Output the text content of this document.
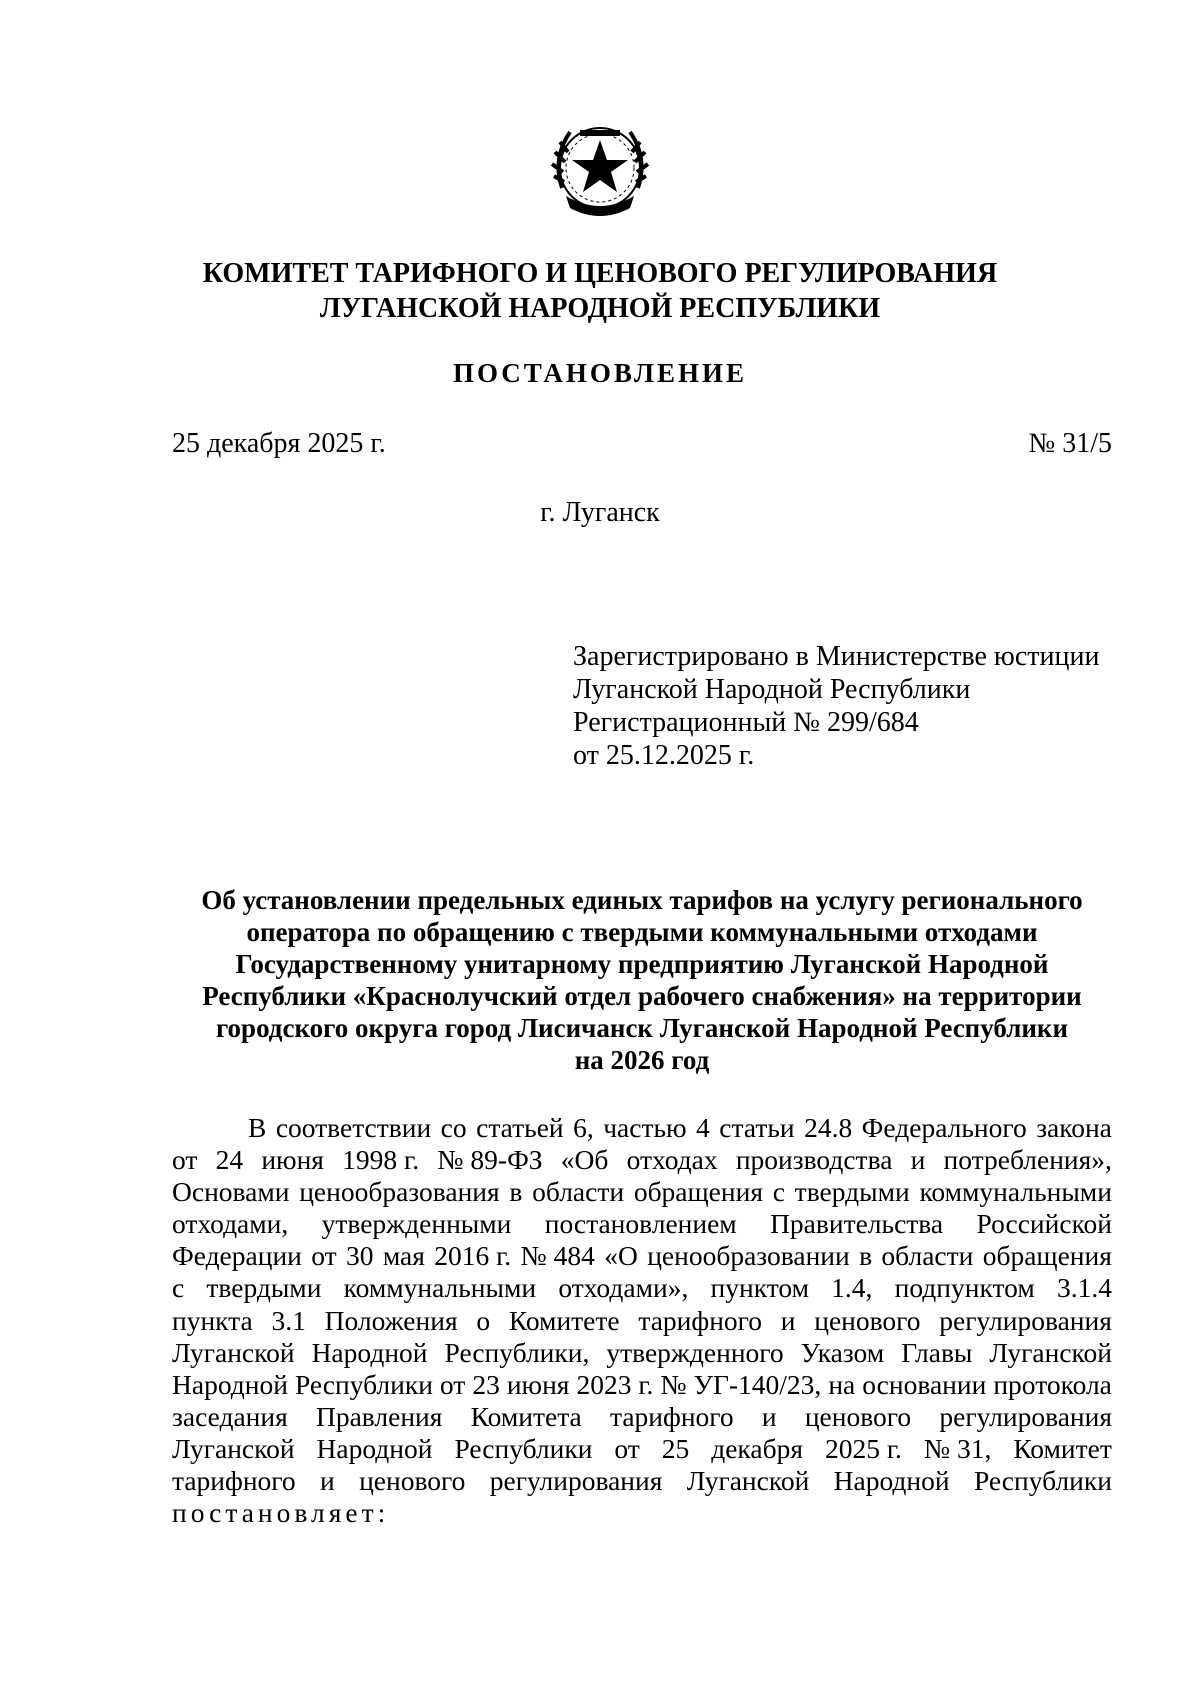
КОМИТЕТ ТАРИФНОГО И ЦЕНОВОГО РЕГУЛИРОВАНИЯ
ЛУГАНСКОЙ НАРОДНОЙ РЕСПУБЛИКИ
ПОСТАНОВЛЕНИЕ
25 декабря 2025 г.	№ 31/5
г. Луганск
Зарегистрировано в Министерстве юстиции
Луганской Народной Республики
Регистрационный № 299/684
от 25.12.2025 г.
Об установлении предельных единых тарифов на услугу регионального
оператора по обращению с твердыми коммунальными отходами
Государственному унитарному предприятию Луганской Народной
Республики «Краснолучский отдел рабочего снабжения» на территории
городского округа город Лисичанск Луганской Народной Республики
на 2026 год
В соответствии со статьей 6, частью 4 статьи 24.8 Федерального закона
от 24 июня 1998 г. № 89-ФЗ «Об отходах производства и потребления»,
Основами ценообразования в области обращения с твердыми коммунальными
отходами, утвержденными постановлением Правительства Российской
Федерации от 30 мая 2016 г. № 484 «О ценообразовании в области обращения
с твердыми коммунальными отходами», пунктом 1.4, подпунктом 3.1.4
пункта 3.1 Положения о Комитете тарифного и ценового регулирования
Луганской Народной Республики, утвержденного Указом Главы Луганской
Народной Республики от 23 июня 2023 г. № УГ-140/23, на основании протокола
заседания Правления Комитета тарифного и ценового регулирования
Луганской Народной Республики от 25 декабря 2025 г. № 31, Комитет
тарифного и ценового регулирования Луганской Народной Республики
постановляет:
